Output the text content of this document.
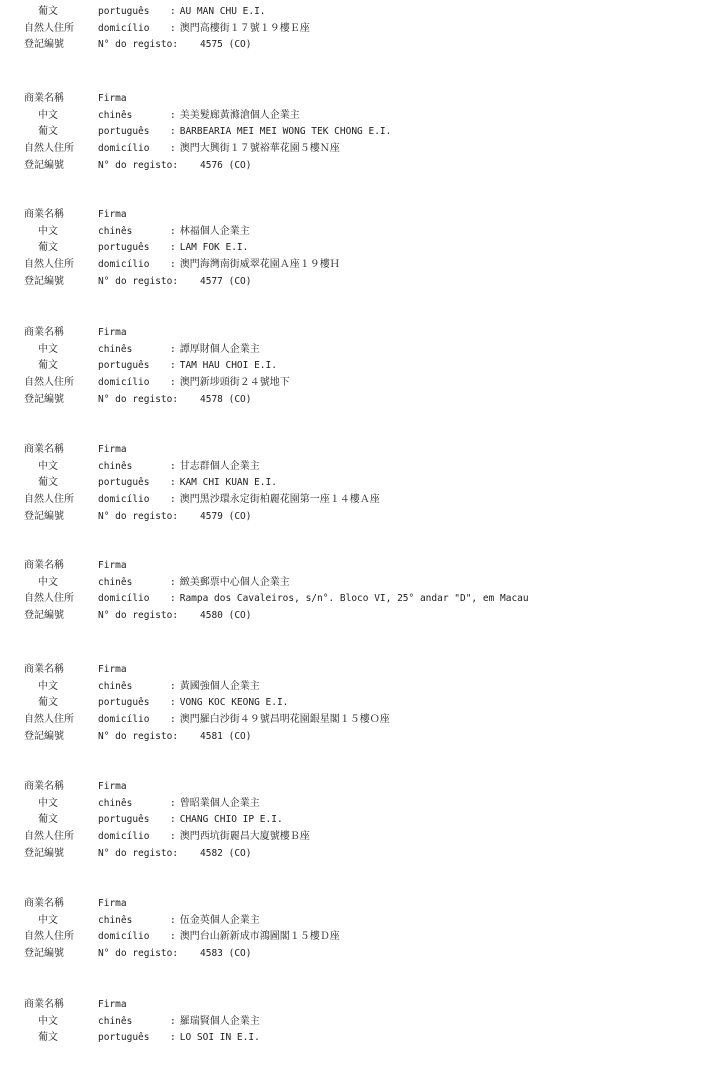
葡文	português : AU MAN CHU E.I.
自然人住所	domicílio : 澳門高樓街１７號１９樓Ｅ座
登記編號	N° do registo: 4575 (CO)
商業名稱	Firma
中文	chinês	: 美美髮廊黃滌滄個人企業主
葡文	português : BARBEARIA MEI MEI WONG TEK CHONG E.I.
自然人住所	domicílio : 澳門大興街１７號裕華花園５樓Ｎ座
登記編號	N° do registo: 4576 (CO)
商業名稱	Firma
中文	chinês	: 林福個人企業主
葡文	português : LAM FOK E.I.
自然人住所	domicílio : 澳門海灣南街威翠花園Ａ座１９樓Ｈ
登記編號	N° do registo: 4577 (CO)
商業名稱	Firma
中文	chinês	: 譚厚財個人企業主
葡文	português : TAM HAU CHOI E.I.
自然人住所	domicílio : 澳門新埗頭街２４號地下
登記編號	N° do registo: 4578 (CO)
商業名稱	Firma
中文	chinês	: 甘志群個人企業主
葡文	português : KAM CHI KUAN E.I.
自然人住所	domicílio : 澳門黑沙環永定街柏麗花園第一座１４樓Ａ座
登記編號	N° do registo: 4579 (CO)
商業名稱	Firma
中文	chinês	: 緻美郵票中心個人企業主
自然人住所	domicílio : Rampa dos Cavaleiros, s/n°. Bloco VI, 25° andar "D", em Macau
登記編號	N° do registo: 4580 (CO)
商業名稱	Firma
中文	chinês	: 黃國強個人企業主
葡文	português : VONG KOC KEONG E.I.
自然人住所	domicílio : 澳門羅白沙街４９號昌明花園銀星閣１５樓Ｏ座
登記編號	N° do registo: 4581 (CO)
商業名稱	Firma
中文	chinês	: 曾昭業個人企業主
葡文	português : CHANG CHIO IP E.I.
自然人住所	domicílio : 澳門西坑街麗昌大廈號樓Ｂ座
登記編號	N° do registo: 4582 (CO)
商業名稱	Firma
中文	chinês	: 伍金英個人企業主
自然人住所	domicílio : 澳門台山新新成市鴻圖閣１５樓Ｄ座
登記編號	N° do registo: 4583 (CO)
商業名稱	Firma
中文	chinês	: 羅瑞賢個人企業主
葡文	português : LO SOI IN E.I.
